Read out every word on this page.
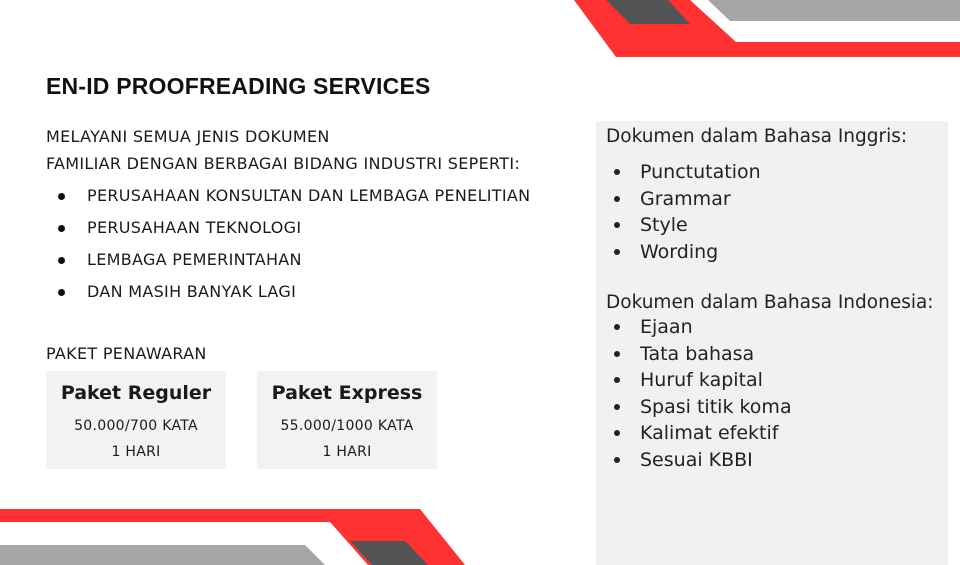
EN-ID PROOFREADING SERVICES
MELAYANI SEMUA JENIS DOKUMEN
FAMILIAR DENGAN BERBAGAI BIDANG INDUSTRI SEPERTI:
PERUSAHAAN KONSULTAN DAN LEMBAGA PENELITIAN
PERUSAHAAN TEKNOLOGI
LEMBAGA PEMERINTAHAN
DAN MASIH BANYAK LAGI
PAKET PENAWARAN
Paket Reguler
50.000/700 KATA
1 HARI
Paket Express
55.000/1000 KATA
1 HARI
Dokumen dalam Bahasa Inggris:
Punctutation
Grammar
Style
Wording
Dokumen dalam Bahasa Indonesia:
Ejaan
Tata bahasa
Huruf kapital
Spasi titik koma
Kalimat efektif
Sesuai KBBI
